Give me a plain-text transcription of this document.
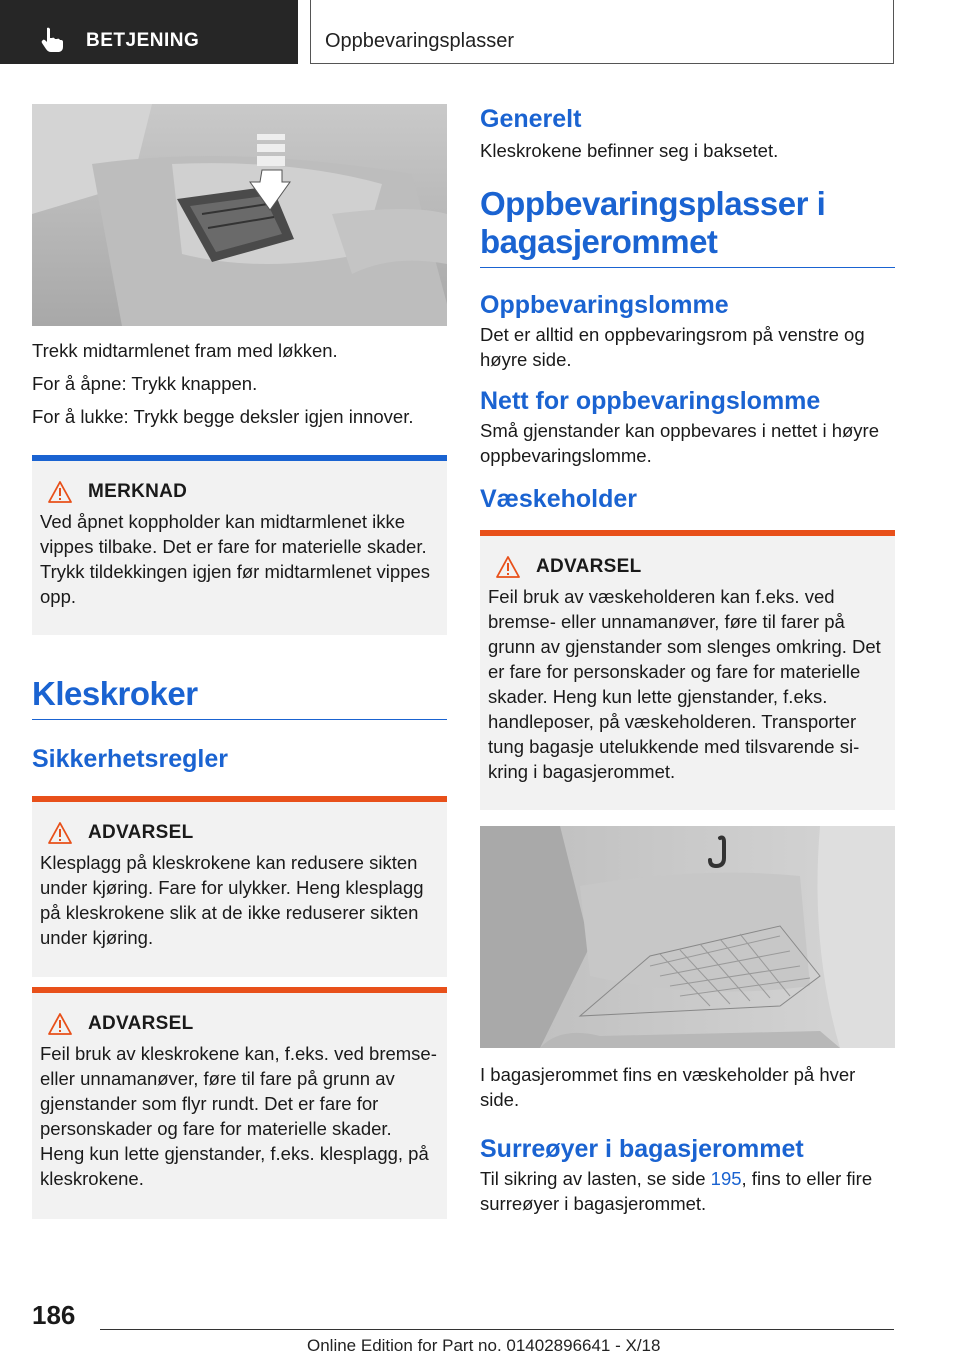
BETJENING	Oppbevaringsplasser

Trekk midtarmlenet fram med løkken.

For å åpne: Trykk knappen.

For å lukke: Trykk begge deksler igjen innover.

MERKNAD

Ved åpnet koppholder kan midtarmlenet ikke vippes tilbake. Det er fare for materielle skader. Trykk tildekkingen igjen før midtarmlenet vippes opp.

Kleskroker
Sikkerhetsregler
ADVARSEL

Klesplagg på kleskrokene kan redusere sikten under kjøring. Fare for ulykker. Heng klesplagg på kleskrokene slik at de ikke reduserer sikten under kjøring.

ADVARSEL

Feil bruk av kleskrokene kan, f.eks. ved bremse- eller unnamanøver, føre til fare på grunn av gjenstander som flyr rundt. Det er fare for personskader og fare for materielle skader. Heng kun lette gjenstander, f.eks. klesplagg, på kleskrokene.

Generelt

Kleskrokene befinner seg i baksetet.

Oppbevaringsplasser i bagasjerommet
Oppbevaringslomme

Det er alltid en oppbevaringsrom på venstre og høyre side.

Nett for oppbevaringslomme

Små gjenstander kan oppbevares i nettet i høyre oppbevaringslomme.

Væskeholder
ADVARSEL

Feil bruk av væskeholderen kan f.eks. ved bremse- eller unnamanøver, føre til farer på grunn av gjenstander som slenges omkring. Det er fare for personskader og fare for materielle skader. Heng kun lette gjenstander, f.eks. handleposer, på væskeholderen. Transporter tung bagasje utelukkende med tilsvarende sikring i bagasjerommet.

I bagasjerommet fins en væskeholder på hver side.

Surreøyer i bagasjerommet

Til sikring av lasten, se side 195, fins to eller fire surreøyer i bagasjerommet.

186
Online Edition for Part no. 01402896641 - X/18
